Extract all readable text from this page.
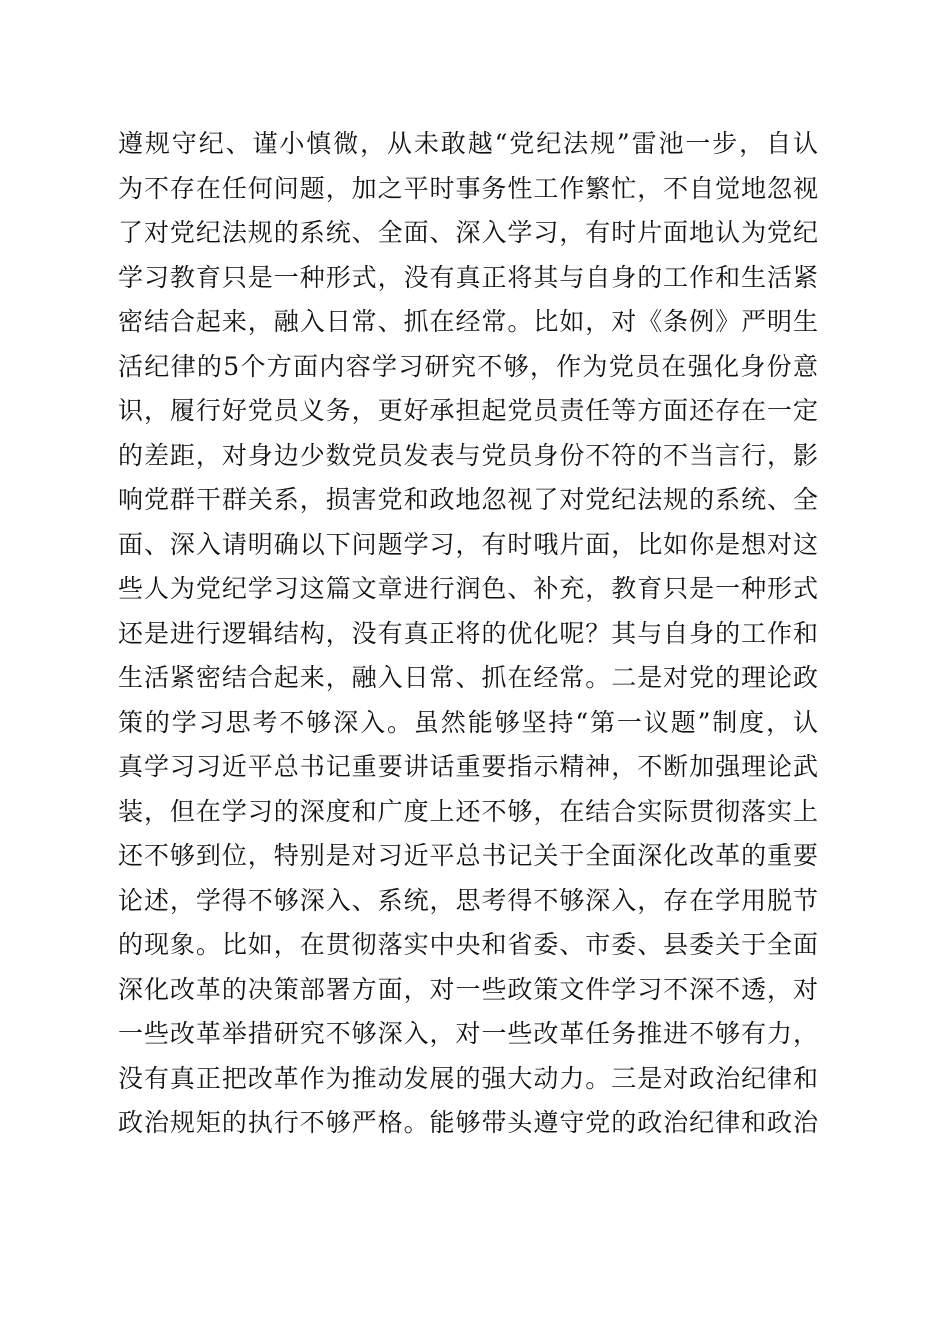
遵规守纪、谨小慎微，从未敢越“党纪法规”雷池一步，自认
为不存在任何问题，加之平时事务性工作繁忙，不自觉地忽视
了对党纪法规的系统、全面、深入学习，有时片面地认为党纪
学习教育只是一种形式，没有真正将其与自身的工作和生活紧
密结合起来，融入日常、抓在经常。比如，对《条例》严明生
活纪律的5个方面内容学习研究不够，作为党员在强化身份意
识，履行好党员义务，更好承担起党员责任等方面还存在一定
的差距，对身边少数党员发表与党员身份不符的不当言行，影
响党群干群关系，损害党和政地忽视了对党纪法规的系统、全
面、深入请明确以下问题学习，有时哦片面，比如你是想对这
些人为党纪学习这篇文章进行润色、补充，教育只是一种形式
还是进行逻辑结构，没有真正将的优化呢？其与自身的工作和
生活紧密结合起来，融入日常、抓在经常。二是对党的理论政
策的学习思考不够深入。虽然能够坚持“第一议题”制度，认
真学习习近平总书记重要讲话重要指示精神，不断加强理论武
装，但在学习的深度和广度上还不够，在结合实际贯彻落实上
还不够到位，特别是对习近平总书记关于全面深化改革的重要
论述，学得不够深入、系统，思考得不够深入，存在学用脱节
的现象。比如，在贯彻落实中央和省委、市委、县委关于全面
深化改革的决策部署方面，对一些政策文件学习不深不透，对
一些改革举措研究不够深入，对一些改革任务推进不够有力，
没有真正把改革作为推动发展的强大动力。三是对政治纪律和
政治规矩的执行不够严格。能够带头遵守党的政治纪律和政治
